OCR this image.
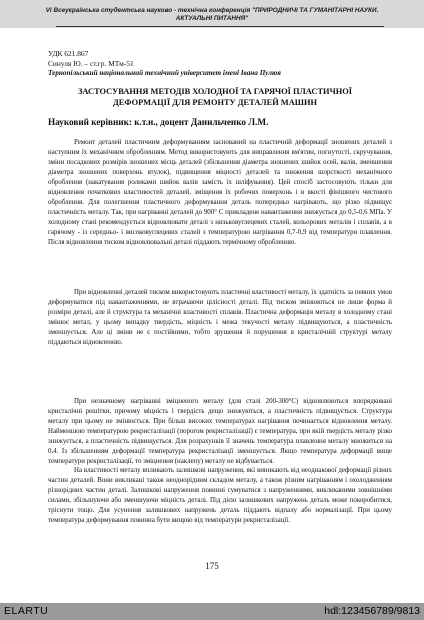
VI Всеукраїнська студентська науково - технічна конференція "ПРИРОДНИЧІ ТА ГУМАНІТАРНІ НАУКИ.
АКТУАЛЬНІ ПИТАННЯ"
УДК 621.867
Синуля Ю. – ст.гр. МТм-51
Тернопільський національний технічний університет імені Івана Пулюя
ЗАСТОСУВАННЯ МЕТОДІВ ХОЛОДНОЇ ТА ГАРЯЧОЇ ПЛАСТИЧНОЇ
ДЕФОРМАЦІЇ ДЛЯ РЕМОНТУ ДЕТАЛЕЙ МАШИН
Науковий керівник: к.т.н., доцент Данильченко Л.М.

Ремонт деталей пластичним деформуванням заснований на пластичній деформації зношених деталей з наступним їх механічним обробленням. Метод використовують для виправлення вм'ятин, погнутості, скручування, зміни посадкових розмірів зношених місць деталей (збільшення діаметра зношених шийок осей, валів, зменшення діаметра зношених поверхонь втулок), підвищення міцності деталей та зниження шорсткості механічного оброблення (накатування роликами шийок валів замість їх шліфування). Цей спосіб застосовують тільки для відновлення початкових властивостей деталей, зміщення їх робочих поверхонь і в якості фінішного чистового оброблення. Для полегшення пластичного деформування деталь попередньо нагрівають, що різко підвищує пластичність металу. Так, при нагріванні деталей до 900° С прикладене навантаження знижується до 0,5-0,6 МПа. У холодному стані рекомендується відновлювати деталі з низьковуглецевих сталей, кольорових металів і сплавів, а в гарячому - із середньо- і високовуглецевих сталей з температурою нагрівання 0,7-0,9 від температури плавлення. Після відновлення тиском відновлювальні деталі піддають термічному обробленню.

При відновленні деталей тиском використовують пластичні властивості металу, їх здатність за певних умов деформуватися під навантаженнями, не втрачаючи цілісності деталі. Під тиском змінюються не лише форма й розміри деталі, але й структура та механічні властивості сплавів. Пластична деформація металу в холодному стані змінює метал, у цьому випадку твердість, міцність і межа текучості металу підвищуються, а пластичність зменшується. Але ці зміни не є постійними, тобто зрушення й порушення в кристалічній структурі металу піддаються відновленню.

При незначному нагріванні зміцненого металу (для сталі 200-300°С) відновлюються впорядковані кристалічні решітки, причому міцність і твердість дещо знижуються, а пластичність підвищується. Структура металу при цьому не змінюється. При більш високих температурах нагрівання починається відновлення металу. Найменшою температурою рекристалізації (порогом рекристалізації) є температура, при якій твердість металу різко знижується, а пластичність підвищується. Для розрахунків її значень температура плавлення металу множиться на 0,4. Із збільшенням деформації температура рекристалізації зменшується. Якщо температура деформації вище температури рекристалізації, то зміцнення (наклепу) металу не відбувається.

На властивості металу впливають залишкові напруження, які виникають від неоднакової деформації різних частин деталей. Вони викликані також неоднорідним складом металу, а також різним нагріванням і охолодженням різнорідних частин деталі. Залишкові напруження повинні сумуватися з напруженнями, викликаними зовнішніми силами, збільшуючи або зменшуючи міцність деталі. Під дією залишкових напружень деталь може покоробитися, тріснути тощо. Для усунення залишкових напружень деталь піддають відпалу або нормалізації. При цьому температура деформування повинна бути вищою від температури рекристалізації.

175
ELARTU	hdl:123456789/9813
